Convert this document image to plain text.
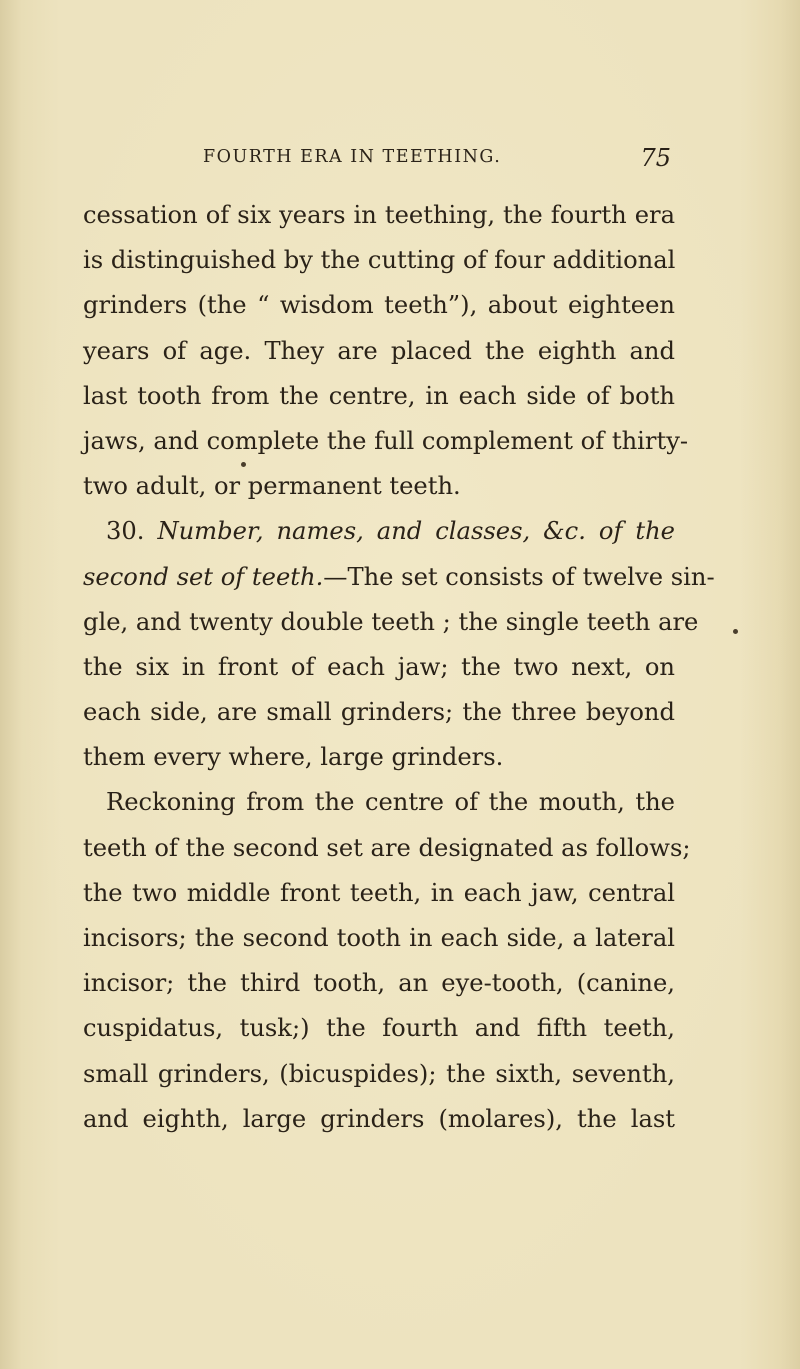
FOURTH ERA IN TEETHING.	75
cessation of six years in teething, the fourth era
is distinguished by the cutting of four additional
grinders (the “ wisdom teeth”), about eighteen
years of age. They are placed the eighth and
last tooth from the centre, in each side of both
jaws, and complete the full complement of thirty-
two adult, or permanent teeth.
30. Number, names, and classes, &c. of the
second set of teeth.—The set consists of twelve sin-
gle, and twenty double teeth ; the single teeth are
the six in front of each jaw; the two next, on
each side, are small grinders; the three beyond
them every where, large grinders.
Reckoning from the centre of the mouth, the
teeth of the second set are designated as follows;
the two middle front teeth, in each jaw, central
incisors; the second tooth in each side, a lateral
incisor; the third tooth, an eye-tooth, (canine,
cuspidatus, tusk;) the fourth and fifth teeth,
small grinders, (bicuspides); the sixth, seventh,
and eighth, large grinders (molares), the last
